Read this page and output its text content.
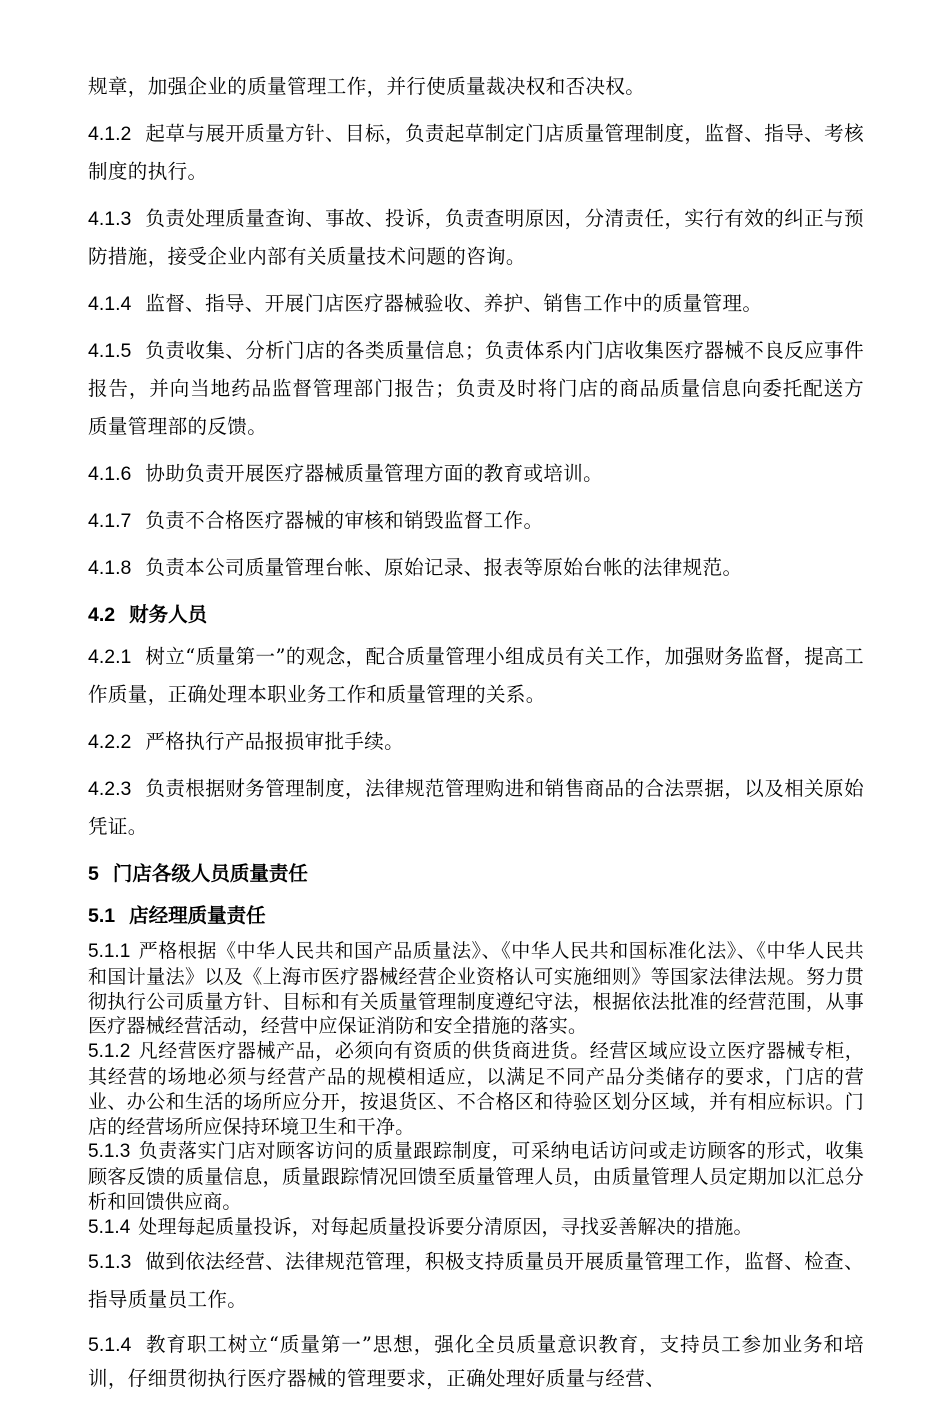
规章，加强企业的质量管理工作，并行使质量裁决权和否决权。

4.1.2 起草与展开质量方针、目标，负责起草制定门店质量管理制度，监督、指导、考核制度的执行。

4.1.3 负责处理质量查询、事故、投诉，负责查明原因，分清责任，实行有效的纠正与预防措施，接受企业内部有关质量技术问题的咨询。

4.1.4 监督、指导、开展门店医疗器械验收、养护、销售工作中的质量管理。

4.1.5 负责收集、分析门店的各类质量信息；负责体系内门店收集医疗器械不良反应事件报告，并向当地药品监督管理部门报告；负责及时将门店的商品质量信息向委托配送方质量管理部的反馈。

4.1.6 协助负责开展医疗器械质量管理方面的教育或培训。

4.1.7 负责不合格医疗器械的审核和销毁监督工作。

4.1.8 负责本公司质量管理台帐、原始记录、报表等原始台帐的法律规范。

4.2 财务人员

4.2.1 树立“质量第一”的观念，配合质量管理小组成员有关工作，加强财务监督，提高工作质量，正确处理本职业务工作和质量管理的关系。

4.2.2 严格执行产品报损审批手续。

4.2.3 负责根据财务管理制度，法律规范管理购进和销售商品的合法票据，以及相关原始凭证。

5 门店各级人员质量责任
5.1 店经理质量责任

5.1.1 严格根据《中华人民共和国产品质量法》、《中华人民共和国标准化法》、《中华人民共和国计量法》以及《上海市医疗器械经营企业资格认可实施细则》等国家法律法规。努力贯彻执行公司质量方针、目标和有关质量管理制度遵纪守法，根据依法批准的经营范围，从事医疗器械经营活动，经营中应保证消防和安全措施的落实。

5.1.2 凡经营医疗器械产品，必须向有资质的供货商进货。经营区域应设立医疗器械专柜，其经营的场地必须与经营产品的规模相适应，以满足不同产品分类储存的要求，门店的营业、办公和生活的场所应分开，按退货区、不合格区和待验区划分区域，并有相应标识。门店的经营场所应保持环境卫生和干净。

5.1.3 负责落实门店对顾客访问的质量跟踪制度，可采纳电话访问或走访顾客的形式，收集顾客反馈的质量信息，质量跟踪情况回馈至质量管理人员，由质量管理人员定期加以汇总分析和回馈供应商。

5.1.4 处理每起质量投诉，对每起质量投诉要分清原因，寻找妥善解决的措施。

5.1.3 做到依法经营、法律规范管理，积极支持质量员开展质量管理工作，监督、检查、指导质量员工作。

5.1.4 教育职工树立“质量第一”思想，强化全员质量意识教育，支持员工参加业务和培训，仔细贯彻执行医疗器械的管理要求，正确处理好质量与经营、
